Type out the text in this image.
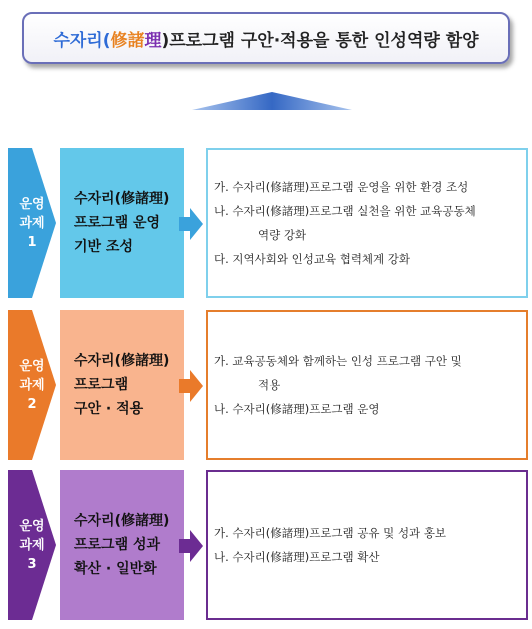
수자리( 修諸 理 )프로그램 구안·적용을 통한 인성역량 함양
운영
과제
1
수자리(修諸理)
프로그램 운영
기반 조성
가. 수자리(修諸理)프로그램 운영을 위한 환경 조성
나. 수자리(修諸理)프로그램 실천을 위한 교육공동체
역량 강화
다. 지역사회와 인성교육 협력체계 강화
운영
과제
2
수자리(修諸理)
프로그램
구안 · 적용
가. 교육공동체와 함께하는 인성 프로그램 구안 및
적용
나. 수자리(修諸理)프로그램 운영
운영
과제
3
수자리(修諸理)
프로그램 성과
확산 · 일반화
가. 수자리(修諸理)프로그램 공유 및 성과 홍보
나. 수자리(修諸理)프로그램 확산
